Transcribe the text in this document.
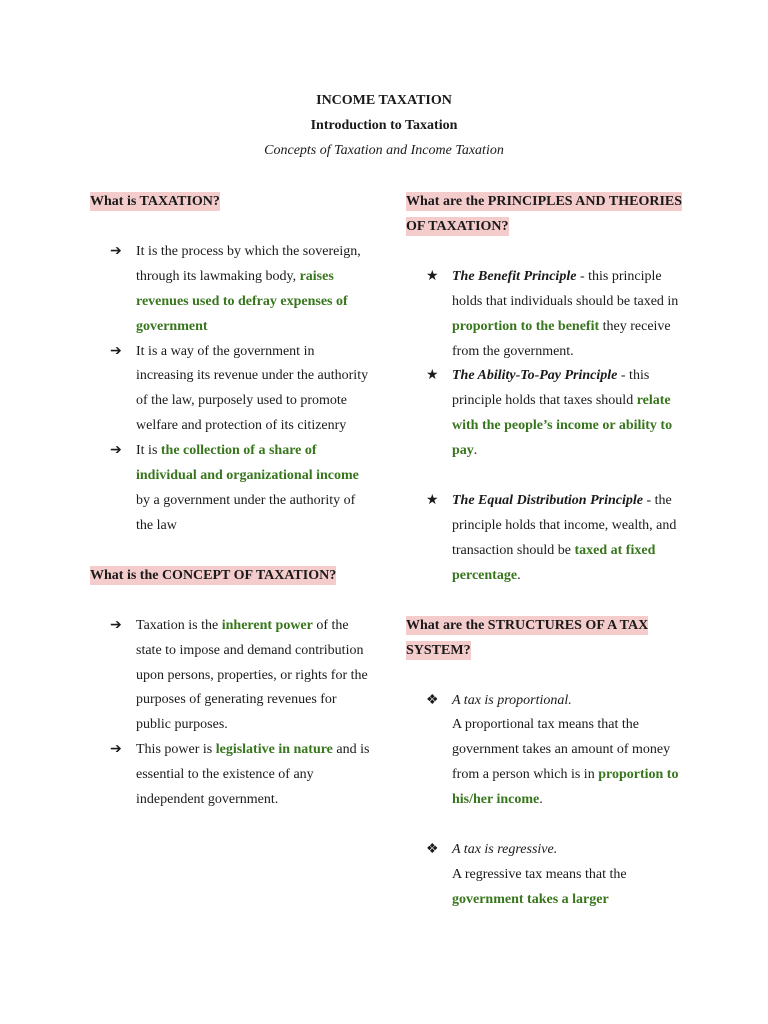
INCOME TAXATION
Introduction to Taxation
Concepts of Taxation and Income Taxation

What is TAXATION?

➔	It is the process by which the sovereign, through its lawmaking body, raises revenues used to defray expenses of government
➔	It is a way of the government in increasing its revenue under the authority of the law, purposely used to promote welfare and protection of its citizenry
➔	It is the collection of a share of individual and organizational income by a government under the authority of the law

What is the CONCEPT OF TAXATION?

➔	Taxation is the inherent power of the state to impose and demand contribution upon persons, properties, or rights for the purposes of generating revenues for public purposes.
➔	This power is legislative in nature and is essential to the existence of any independent government.

What are the PRINCIPLES AND THEORIES OF TAXATION?

★ The Benefit Principle - this principle holds that individuals should be taxed in proportion to the benefit they receive from the government.
★ The Ability-To-Pay Principle - this principle holds that taxes should relate with the people’s income or ability to pay.
★ The Equal Distribution Principle - the principle holds that income, wealth, and transaction should be taxed at fixed percentage.

What are the STRUCTURES OF A TAX SYSTEM?

❖ A tax is proportional.
A proportional tax means that the government takes an amount of money from a person which is in proportion to his/her income.
❖ A tax is regressive.
A regressive tax means that the government takes a larger
